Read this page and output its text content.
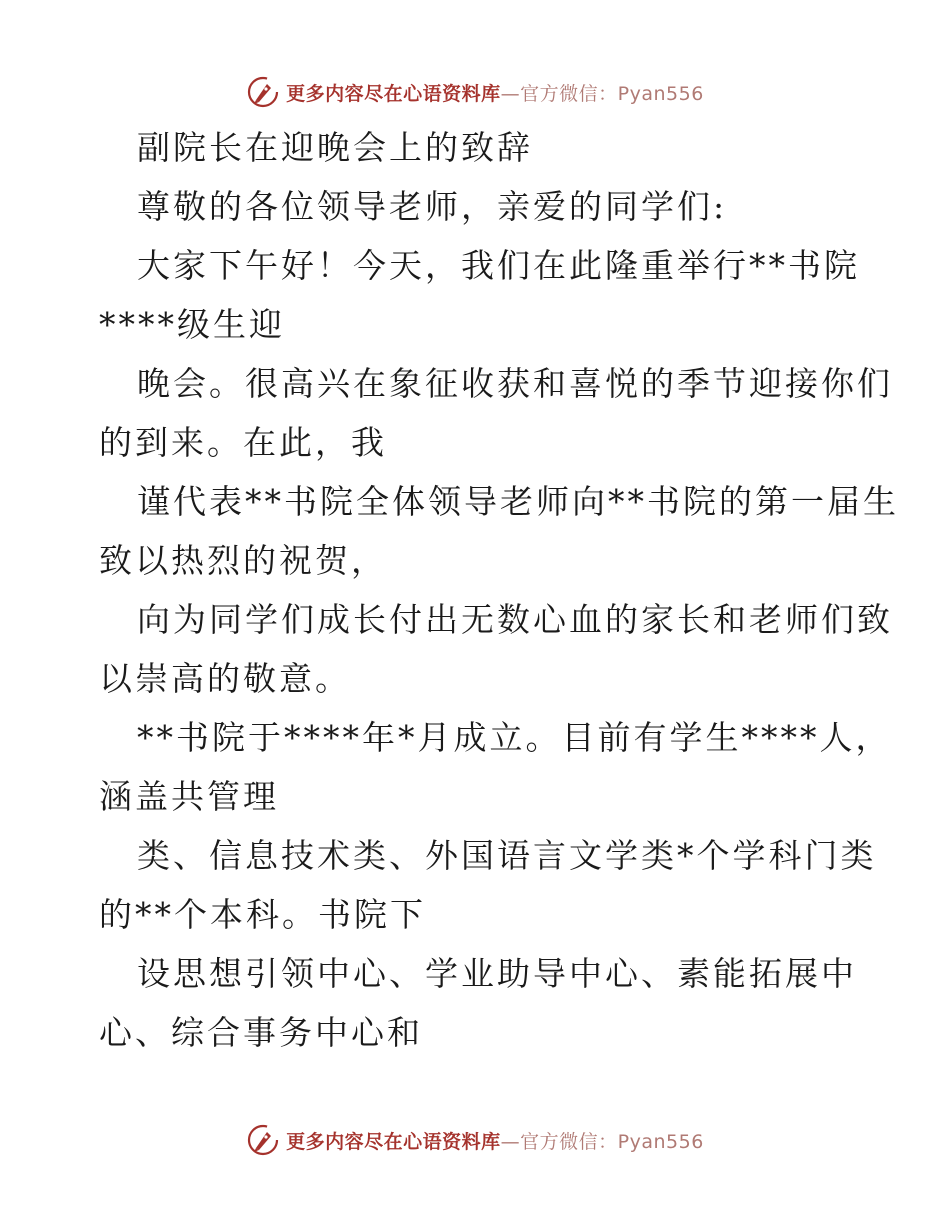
更多内容尽在心语资料库—官方微信：Pyan556
副院长在迎晚会上的致辞
尊敬的各位领导老师，亲爱的同学们:
大家下午好！今天，我们在此隆重举行**书院
****级生迎
晚会。很高兴在象征收获和喜悦的季节迎接你们
的到来。在此，我
谨代表**书院全体领导老师向**书院的第一届生
致以热烈的祝贺，
向为同学们成长付出无数心血的家长和老师们致
以崇高的敬意。
**书院于****年*月成立。目前有学生****人，
涵盖共管理
类、信息技术类、外国语言文学类*个学科门类
的**个本科。书院下
设思想引领中心、学业助导中心、素能拓展中
心、综合事务中心和
更多内容尽在心语资料库—官方微信：Pyan556
